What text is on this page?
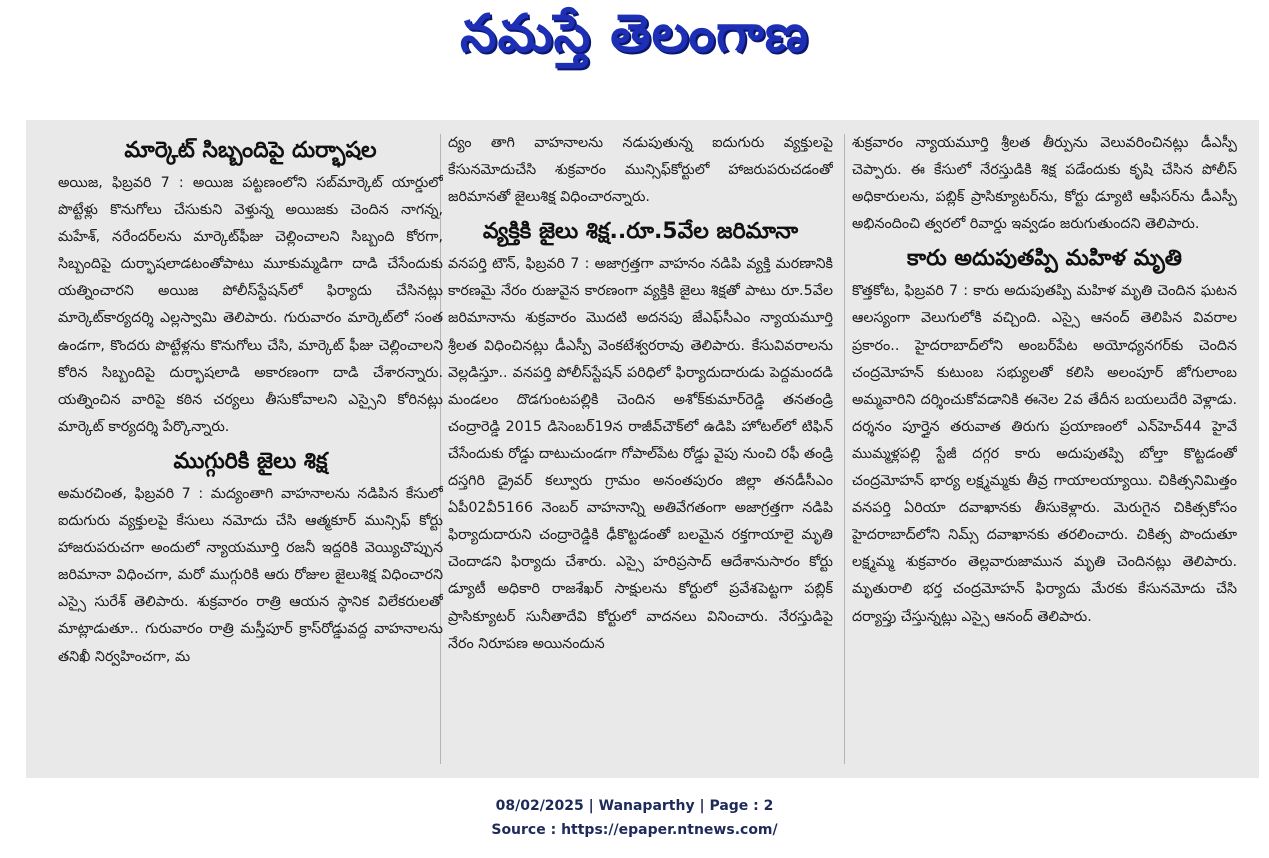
నమస్తే తెలంగాణ
మార్కెట్ సిబ్బందిపై దుర్భాషల

అయిజ, ఫిబ్రవరి 7 : అయిజ పట్టణంలోని సబ్‌మార్కెట్ యార్డులో పొట్టేళ్లు కొనుగోలు చేసుకుని వెళ్తున్న అయిజకు చెందిన నాగన్న, మహేశ్, నరేందర్‌లను మార్కెట్‌ఫీజు చెల్లించాలని సిబ్బంది కోరగా, సిబ్బందిపై దుర్భాషలాడటంతోపాటు మూకుమ్మడిగా దాడి చేసేందుకు యత్నించారని అయిజ పోలీస్‌స్టేషన్‌లో ఫిర్యాదు చేసినట్లు మార్కెట్‌కార్యదర్శి ఎల్లస్వామి తెలిపారు. గురువారం మార్కెట్‌లో సంత ఉండగా, కొందరు పొట్టేళ్లను కొనుగోలు చేసి, మార్కెట్ ఫీజు చెల్లించాలని కోరిన సిబ్బందిపై దుర్భాషలాడి అకారణంగా దాడి చేశారన్నారు. యత్నించిన వారిపై కఠిన చర్యలు తీసుకోవాలని ఎస్సైని కోరినట్లు మార్కెట్ కార్యదర్శి పేర్కొన్నారు.

ముగ్గురికి జైలు శిక్ష

అమరచింత, ఫిబ్రవరి 7 : మద్యంతాగి వాహనాలను నడిపిన కేసులో ఐదుగురు వ్యక్తులపై కేసులు నమోదు చేసి ఆత్మకూర్ మున్సిఫ్ కోర్టు హాజరుపరుచగా అందులో న్యాయమూర్తి రజనీ ఇద్దరికి వెయ్యిచొప్పున జరిమానా విధించగా, మరో ముగ్గురికి ఆరు రోజుల జైలుశిక్ష విధించారని ఎస్సై సురేశ్ తెలిపారు. శుక్రవారం రాత్రి ఆయన స్థానిక విలేకరులతో మాట్లాడుతూ.. గురువారం రాత్రి మస్తీపూర్ క్రాస్‌రోడ్డువద్ద వాహనాలను తనిఖీ నిర్వహించగా, మ

ద్యం తాగి వాహనాలను నడుపుతున్న ఐదుగురు వ్యక్తులపై కేసునమోదుచేసి శుక్రవారం మున్సిఫ్‌కోర్టులో హాజరుపరుచడంతో జరిమానతో జైలుశిక్ష విధించారన్నారు.

వ్యక్తికి జైలు శిక్ష..రూ.5వేల జరిమానా

వనపర్తి టౌన్, ఫిబ్రవరి 7 : అజాగ్రత్తగా వాహనం నడిపి వ్యక్తి మరణానికి కారణమై నేరం రుజువైన కారణంగా వ్యక్తికి జైలు శిక్షతో పాటు రూ.5వేల జరిమానాను శుక్రవారం మొదటి అదనపు జేఎఫ్‌సీఎం న్యాయమూర్తి శ్రీలత విధించినట్లు డీఎస్పీ వెంకటేశ్వరరావు తెలిపారు. కేసువివరాలను వెల్లడిస్తూ.. వనపర్తి పోలీస్‌స్టేషన్ పరిధిలో ఫిర్యాదుదారుడు పెద్దమందడి మండలం దొడగుంటపల్లికి చెందిన అశోక్‌కుమార్‌రెడ్డి తనతండ్రి చంద్రారెడ్డి 2015 డిసెంబర్19న రాజీవ్‌చౌక్‌లో ఉడిపి హోటల్‌లో టిఫిన్ చేసేందుకు రోడ్డు దాటుచుండగా గోపాల్‌పేట రోడ్డు వైపు నుంచి రఫీ తండ్రి దస్తగిరి డ్రైవర్ కల్వూరు గ్రామం అనంతపురం జిల్లా తనడీసీఎం ఏపీ02వీ5166 నెంబర్ వాహనాన్ని అతివేగతంగా అజాగ్రత్తగా నడిపి ఫిర్యాదుదారుని చంద్రారెడ్డికి ఢీకొట్టడంతో బలమైన రక్తగాయాలై మృతి చెందాడని ఫిర్యాదు చేశారు. ఎస్సై హరిప్రసాద్ ఆదేశానుసారం కోర్టు డ్యూటీ అధికారి రాజశేఖర్ సాక్షులను కోర్టులో ప్రవేశపెట్టగా పబ్లిక్ ప్రాసిక్యూటర్ సునీతాదేవి కోర్టులో వాదనలు వినించారు. నేరస్తుడిపై నేరం నిరూపణ అయినందున

శుక్రవారం న్యాయమూర్తి శ్రీలత తీర్పును వెలువరించినట్లు డీఎస్పీ చెప్పారు. ఈ కేసులో నేరస్తుడికి శిక్ష పడేందుకు కృషి చేసిన పోలీస్ అధికారులను, పబ్లిక్ ప్రాసిక్యూటర్‌ను, కోర్టు డ్యూటి ఆఫీసర్‌ను డీఎస్పీ అభినందించి త్వరలో రివార్డు ఇవ్వడం జరుగుతుందని తెలిపారు.

కారు అదుపుతప్పి మహిళ మృతి

కొత్తకోట, ఫిబ్రవరి 7 : కారు అదుపుతప్పి మహిళ మృతి చెందిన ఘటన ఆలస్యంగా వెలుగులోకి వచ్చింది. ఎస్సై ఆనంద్ తెలిపిన వివరాల ప్రకారం.. హైదరాబాద్‌లోని అంబర్‌పేట అయోధ్యనగర్‌కు చెందిన చంద్రమోహన్ కుటుంబ సభ్యులతో కలిసి అలంపూర్ జోగులాంబ అమ్మవారిని దర్శించుకోవడానికి ఈనెల 2వ తేదీన బయలుదేరి వెళ్లాడు. దర్శనం పూర్తైన తరువాత తిరుగు ప్రయాణంలో ఎన్‌హెచ్44 హైవే ముమ్మళ్లపల్లి స్టేజీ దగ్గర కారు అదుపుతప్పి బోల్తా కొట్టడంతో చంద్రమోహన్ భార్య లక్ష్మమ్మకు తీవ్ర గాయాలయ్యాయి. చికిత్సనిమిత్తం వనపర్తి ఏరియా దవాఖానకు తీసుకెళ్లారు. మెరుగైన చికిత్సకోసం హైదరాబాద్‌లోని నిమ్స్ దవాఖానకు తరలించారు. చికిత్స పొందుతూ లక్ష్మమ్మ శుక్రవారం తెల్లవారుజామున మృతి చెందినట్లు తెలిపారు. మృతురాలి భర్త చంద్రమోహన్ ఫిర్యాదు మేరకు కేసునమోదు చేసి దర్యాప్తు చేస్తున్నట్లు ఎస్సై ఆనంద్ తెలిపారు.

08/02/2025 | Wanaparthy | Page : 2
Source : https://epaper.ntnews.com/
